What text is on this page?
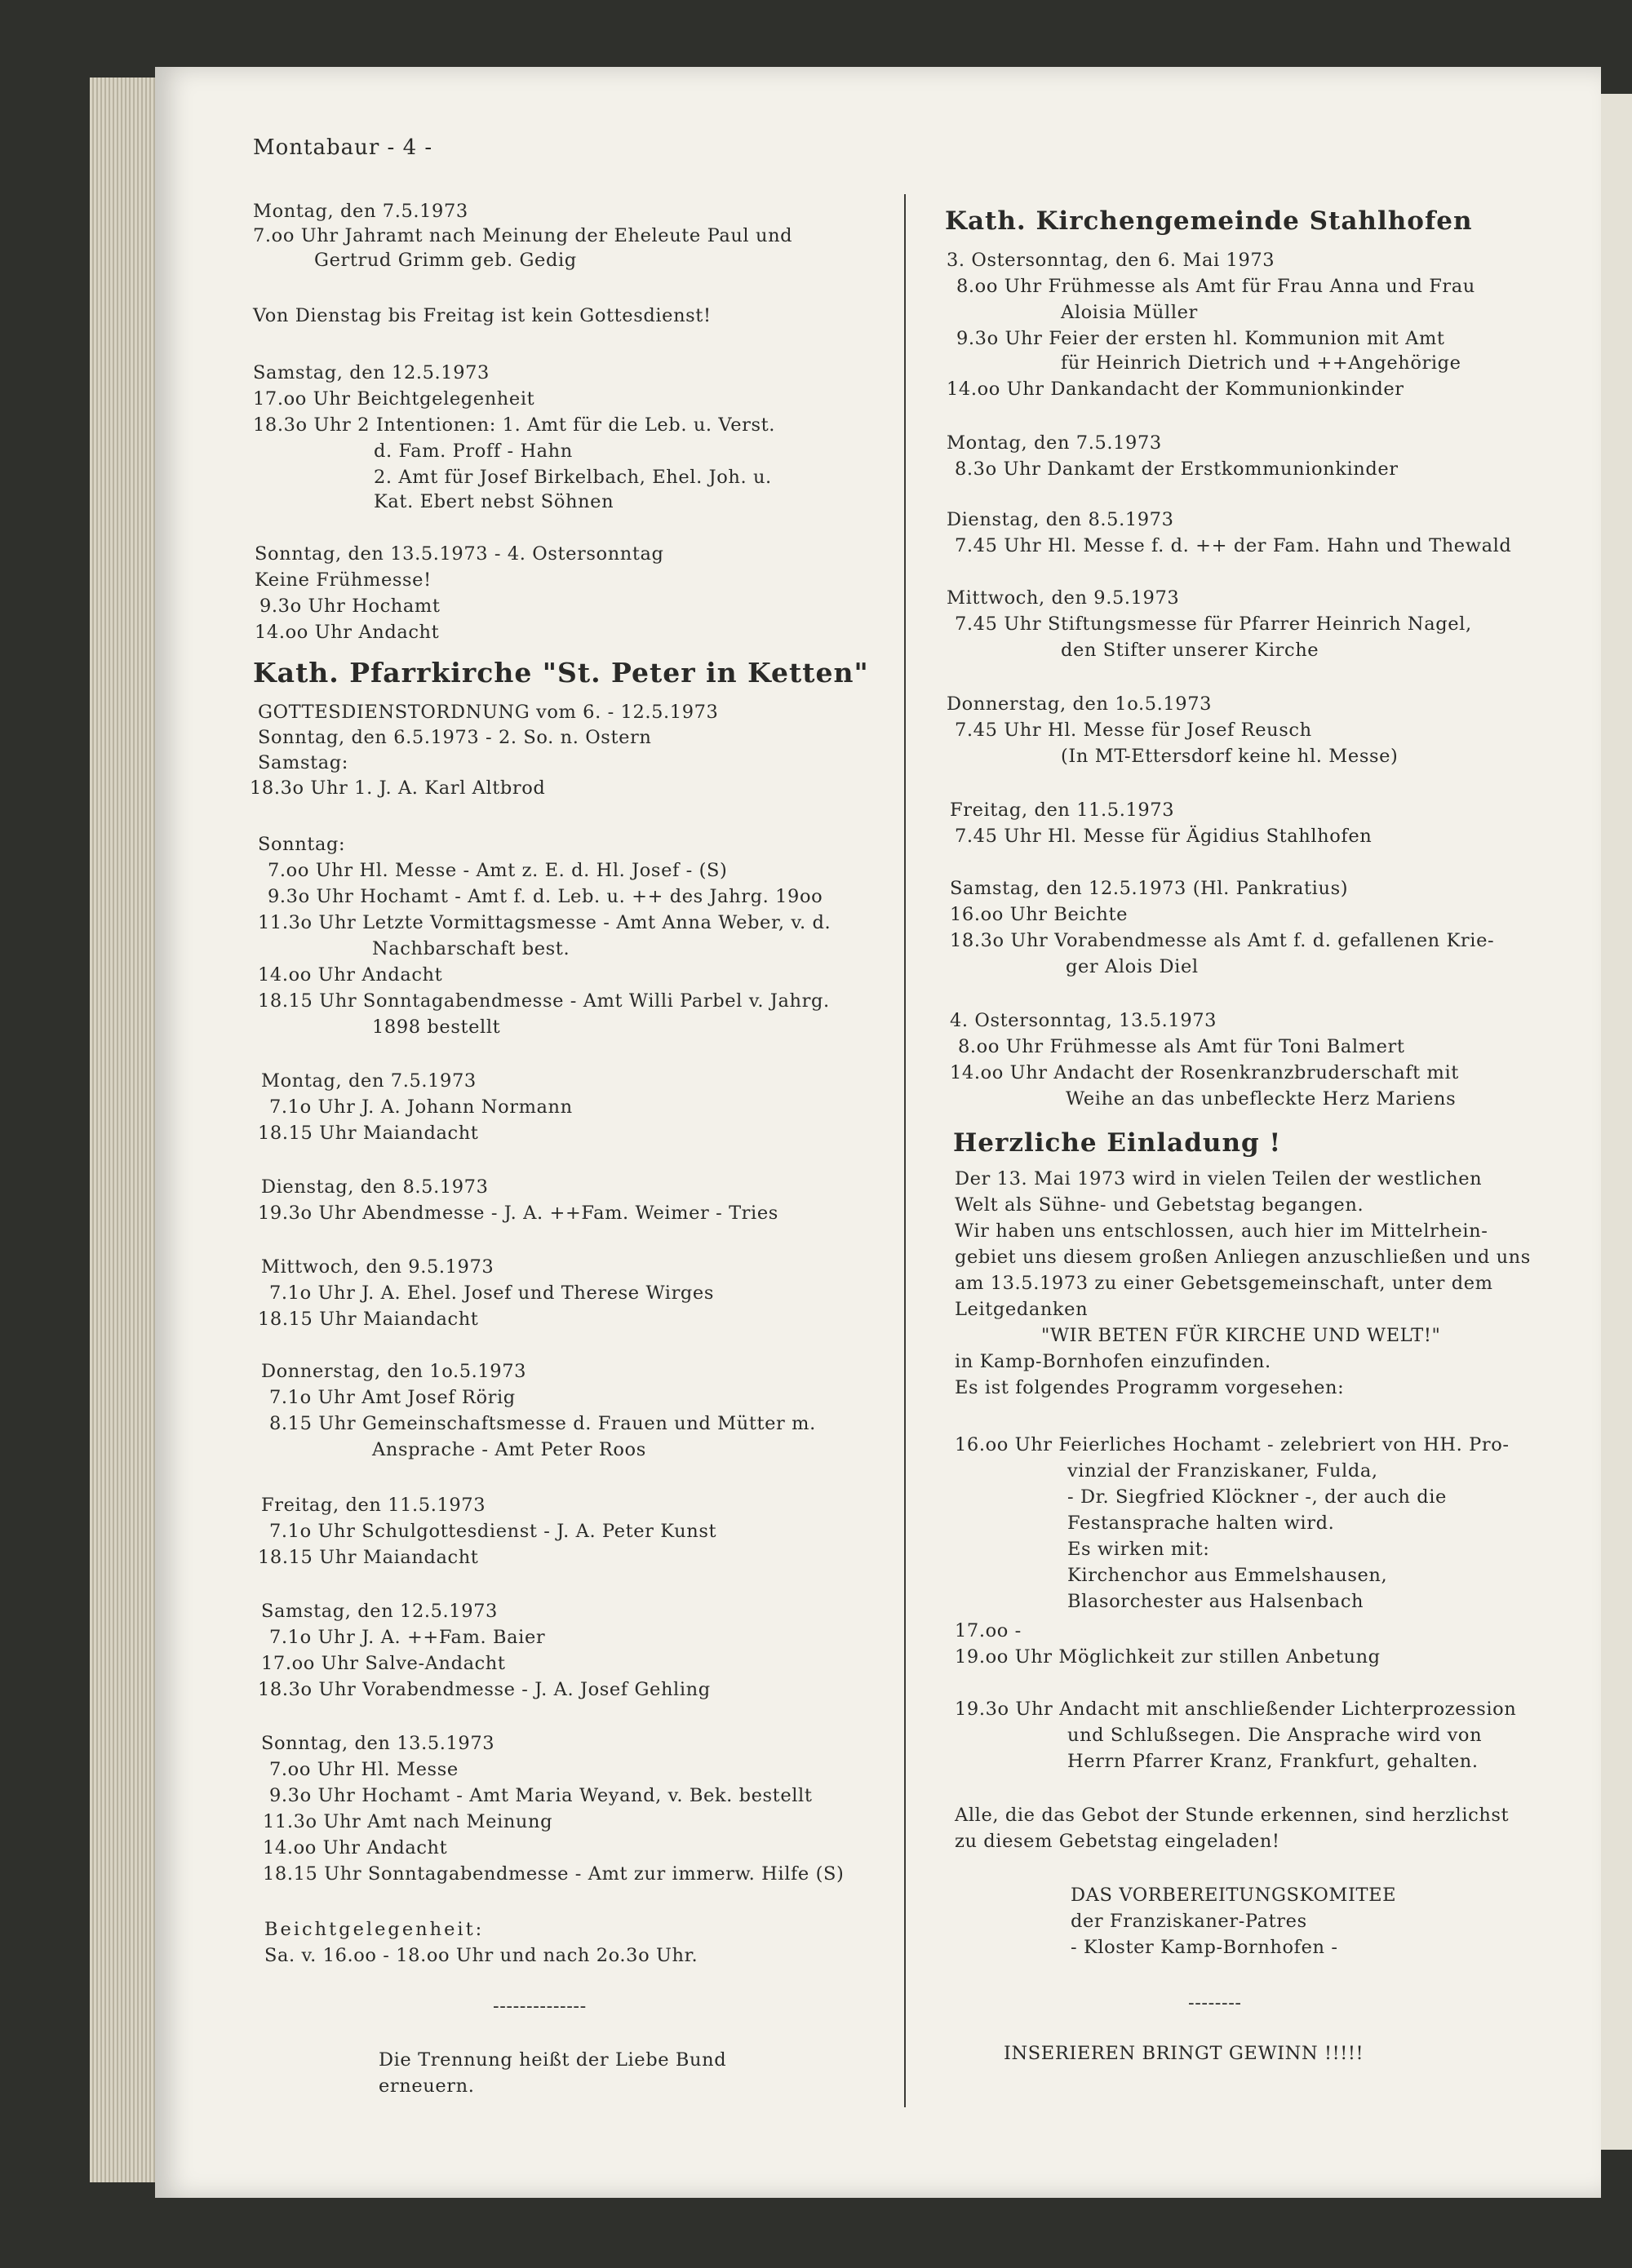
Montabaur - 4 -
Montag, den 7.5.1973
7.oo Uhr Jahramt nach Meinung der Eheleute Paul und
Gertrud Grimm geb. Gedig
Von Dienstag bis Freitag ist kein Gottesdienst!
Samstag, den 12.5.1973
17.oo Uhr Beichtgelegenheit
18.3o Uhr 2 Intentionen: 1. Amt für die Leb. u. Verst.
d. Fam. Proff - Hahn
2. Amt für Josef Birkelbach, Ehel. Joh. u.
Kat. Ebert nebst Söhnen
Sonntag, den 13.5.1973 - 4. Ostersonntag
Keine Frühmesse!
9.3o Uhr Hochamt
14.oo Uhr Andacht
Kath. Pfarrkirche "St. Peter in Ketten"
GOTTESDIENSTORDNUNG vom 6. - 12.5.1973
Sonntag, den 6.5.1973 - 2. So. n. Ostern
Samstag:
18.3o Uhr 1. J. A. Karl Altbrod
Sonntag:
7.oo Uhr Hl. Messe - Amt z. E. d. Hl. Josef - (S)
9.3o Uhr Hochamt - Amt f. d. Leb. u. ++ des Jahrg. 19oo
11.3o Uhr Letzte Vormittagsmesse - Amt Anna Weber, v. d.
Nachbarschaft best.
14.oo Uhr Andacht
18.15 Uhr Sonntagabendmesse - Amt Willi Parbel v. Jahrg.
1898 bestellt
Montag, den 7.5.1973
7.1o Uhr J. A. Johann Normann
18.15 Uhr Maiandacht
Dienstag, den 8.5.1973
19.3o Uhr Abendmesse - J. A. ++Fam. Weimer - Tries
Mittwoch, den 9.5.1973
7.1o Uhr J. A. Ehel. Josef und Therese Wirges
18.15 Uhr Maiandacht
Donnerstag, den 1o.5.1973
7.1o Uhr Amt Josef Rörig
8.15 Uhr Gemeinschaftsmesse d. Frauen und Mütter m.
Ansprache - Amt Peter Roos
Freitag, den 11.5.1973
7.1o Uhr Schulgottesdienst - J. A. Peter Kunst
18.15 Uhr Maiandacht
Samstag, den 12.5.1973
7.1o Uhr J. A. ++Fam. Baier
17.oo Uhr Salve-Andacht
18.3o Uhr Vorabendmesse - J. A. Josef Gehling
Sonntag, den 13.5.1973
7.oo Uhr Hl. Messe
9.3o Uhr Hochamt - Amt Maria Weyand, v. Bek. bestellt
11.3o Uhr Amt nach Meinung
14.oo Uhr Andacht
18.15 Uhr Sonntagabendmesse - Amt zur immerw. Hilfe (S)
Beichtgelegenheit:
Sa. v. 16.oo - 18.oo Uhr und nach 2o.3o Uhr.
--------------
Die Trennung heißt der Liebe Bund
erneuern.
Kath. Kirchengemeinde Stahlhofen
3. Ostersonntag, den 6. Mai 1973
8.oo Uhr Frühmesse als Amt für Frau Anna und Frau
Aloisia Müller
9.3o Uhr Feier der ersten hl. Kommunion mit Amt
für Heinrich Dietrich und ++Angehörige
14.oo Uhr Dankandacht der Kommunionkinder
Montag, den 7.5.1973
8.3o Uhr Dankamt der Erstkommunionkinder
Dienstag, den 8.5.1973
7.45 Uhr Hl. Messe f. d. ++ der Fam. Hahn und Thewald
Mittwoch, den 9.5.1973
7.45 Uhr Stiftungsmesse für Pfarrer Heinrich Nagel,
den Stifter unserer Kirche
Donnerstag, den 1o.5.1973
7.45 Uhr Hl. Messe für Josef Reusch
(In MT-Ettersdorf keine hl. Messe)
Freitag, den 11.5.1973
7.45 Uhr Hl. Messe für Ägidius Stahlhofen
Samstag, den 12.5.1973 (Hl. Pankratius)
16.oo Uhr Beichte
18.3o Uhr Vorabendmesse als Amt f. d. gefallenen Krie-
ger Alois Diel
4. Ostersonntag, 13.5.1973
8.oo Uhr Frühmesse als Amt für Toni Balmert
14.oo Uhr Andacht der Rosenkranzbruderschaft mit
Weihe an das unbefleckte Herz Mariens
Herzliche Einladung !
Der 13. Mai 1973 wird in vielen Teilen der westlichen
Welt als Sühne- und Gebetstag begangen.
Wir haben uns entschlossen, auch hier im Mittelrhein-
gebiet uns diesem großen Anliegen anzuschließen und uns
am 13.5.1973 zu einer Gebetsgemeinschaft, unter dem
Leitgedanken
"WIR BETEN FÜR KIRCHE UND WELT!"
in Kamp-Bornhofen einzufinden.
Es ist folgendes Programm vorgesehen:
16.oo Uhr Feierliches Hochamt - zelebriert von HH. Pro-
vinzial der Franziskaner, Fulda,
- Dr. Siegfried Klöckner -, der auch die
Festansprache halten wird.
Es wirken mit:
Kirchenchor aus Emmelshausen,
Blasorchester aus Halsenbach
17.oo -
19.oo Uhr Möglichkeit zur stillen Anbetung
19.3o Uhr Andacht mit anschließender Lichterprozession
und Schlußsegen. Die Ansprache wird von
Herrn Pfarrer Kranz, Frankfurt, gehalten.
Alle, die das Gebot der Stunde erkennen, sind herzlichst
zu diesem Gebetstag eingeladen!
DAS VORBEREITUNGSKOMITEE
der Franziskaner-Patres
- Kloster Kamp-Bornhofen -
--------
INSERIEREN BRINGT GEWINN !!!!!
